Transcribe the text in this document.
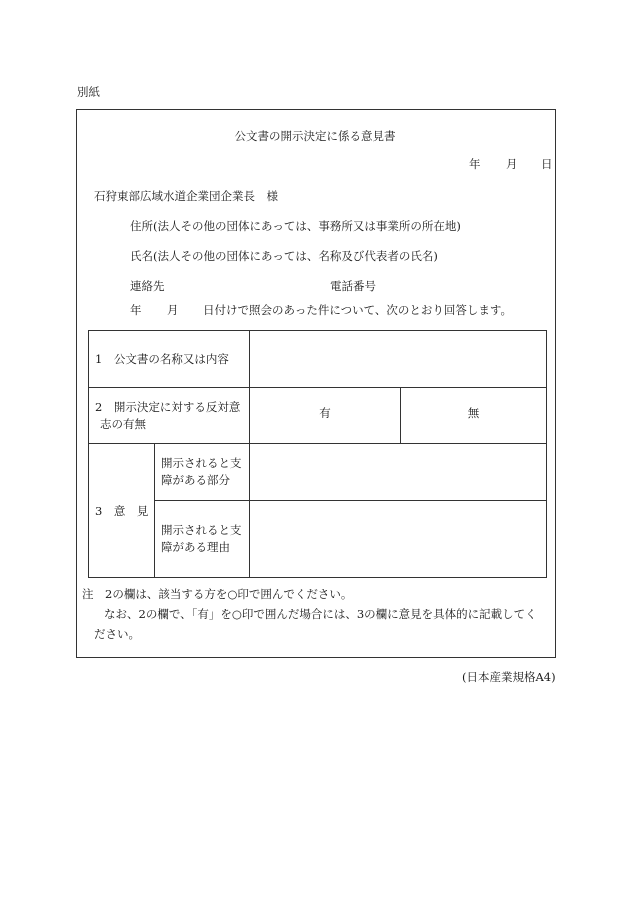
別紙
公文書の開示決定に係る意見書
年 月 日
石狩東部広域水道企業団企業長　様
住所(法人その他の団体にあっては、事務所又は事業所の所在地)
氏名(法人その他の団体にあっては、名称及び代表者の氏名)
連絡先	電話番号
年 月 日付けで照会のあった件について、次のとおり回答します。
1　公文書の名称又は内容			

2　開示決定に対する反対意
志の有無		有	無
3　意　見	開示されると支
障がある部分		

	開示されると支
障がある理由		

注　2の欄は、該当する方を○印で囲んでください。
なお、2の欄で、「有」を○印で囲んだ場合には、3の欄に意見を具体的に記載してく
ださい。
(日本産業規格A4)
